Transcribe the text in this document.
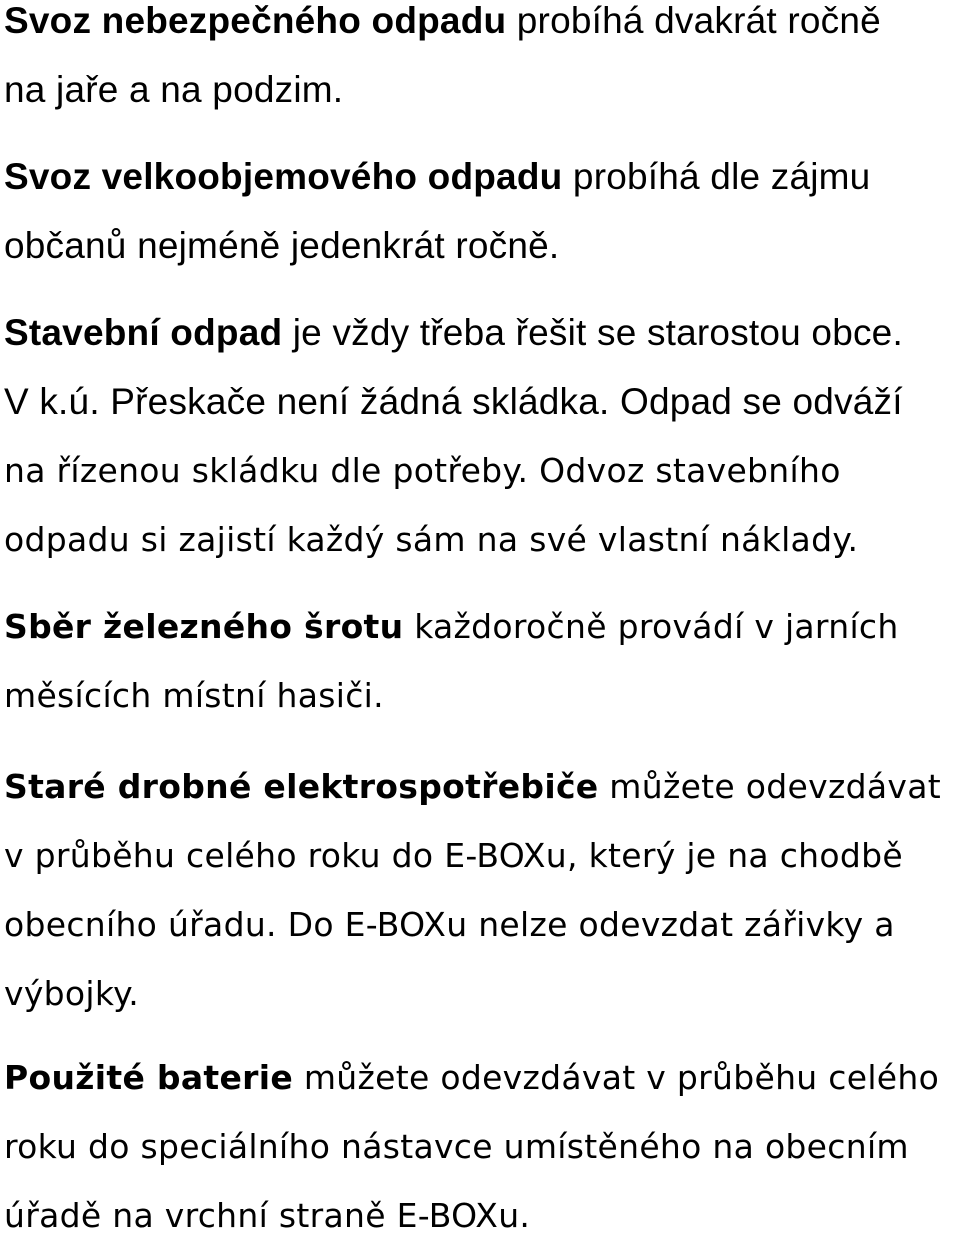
Svoz nebezpečného odpadu probíhá dvakrát ročně
na jaře a na podzim.
Svoz velkoobjemového odpadu probíhá dle zájmu
občanů nejméně jedenkrát ročně.
Stavební odpad je vždy třeba řešit se starostou obce.
V k.ú. Přeskače není žádná skládka. Odpad se odváží
na řízenou skládku dle potřeby. Odvoz stavebního
odpadu si zajistí každý sám na své vlastní náklady.
Sběr železného šrotu každoročně provádí v jarních
měsících místní hasiči.
Staré drobné elektrospotřebiče můžete odevzdávat
v průběhu celého roku do E-BOXu, který je na chodbě
obecního úřadu. Do E-BOXu nelze odevzdat zářivky a
výbojky.
Použité baterie můžete odevzdávat v průběhu celého
roku do speciálního nástavce umístěného na obecním
úřadě na vrchní straně E-BOXu.
